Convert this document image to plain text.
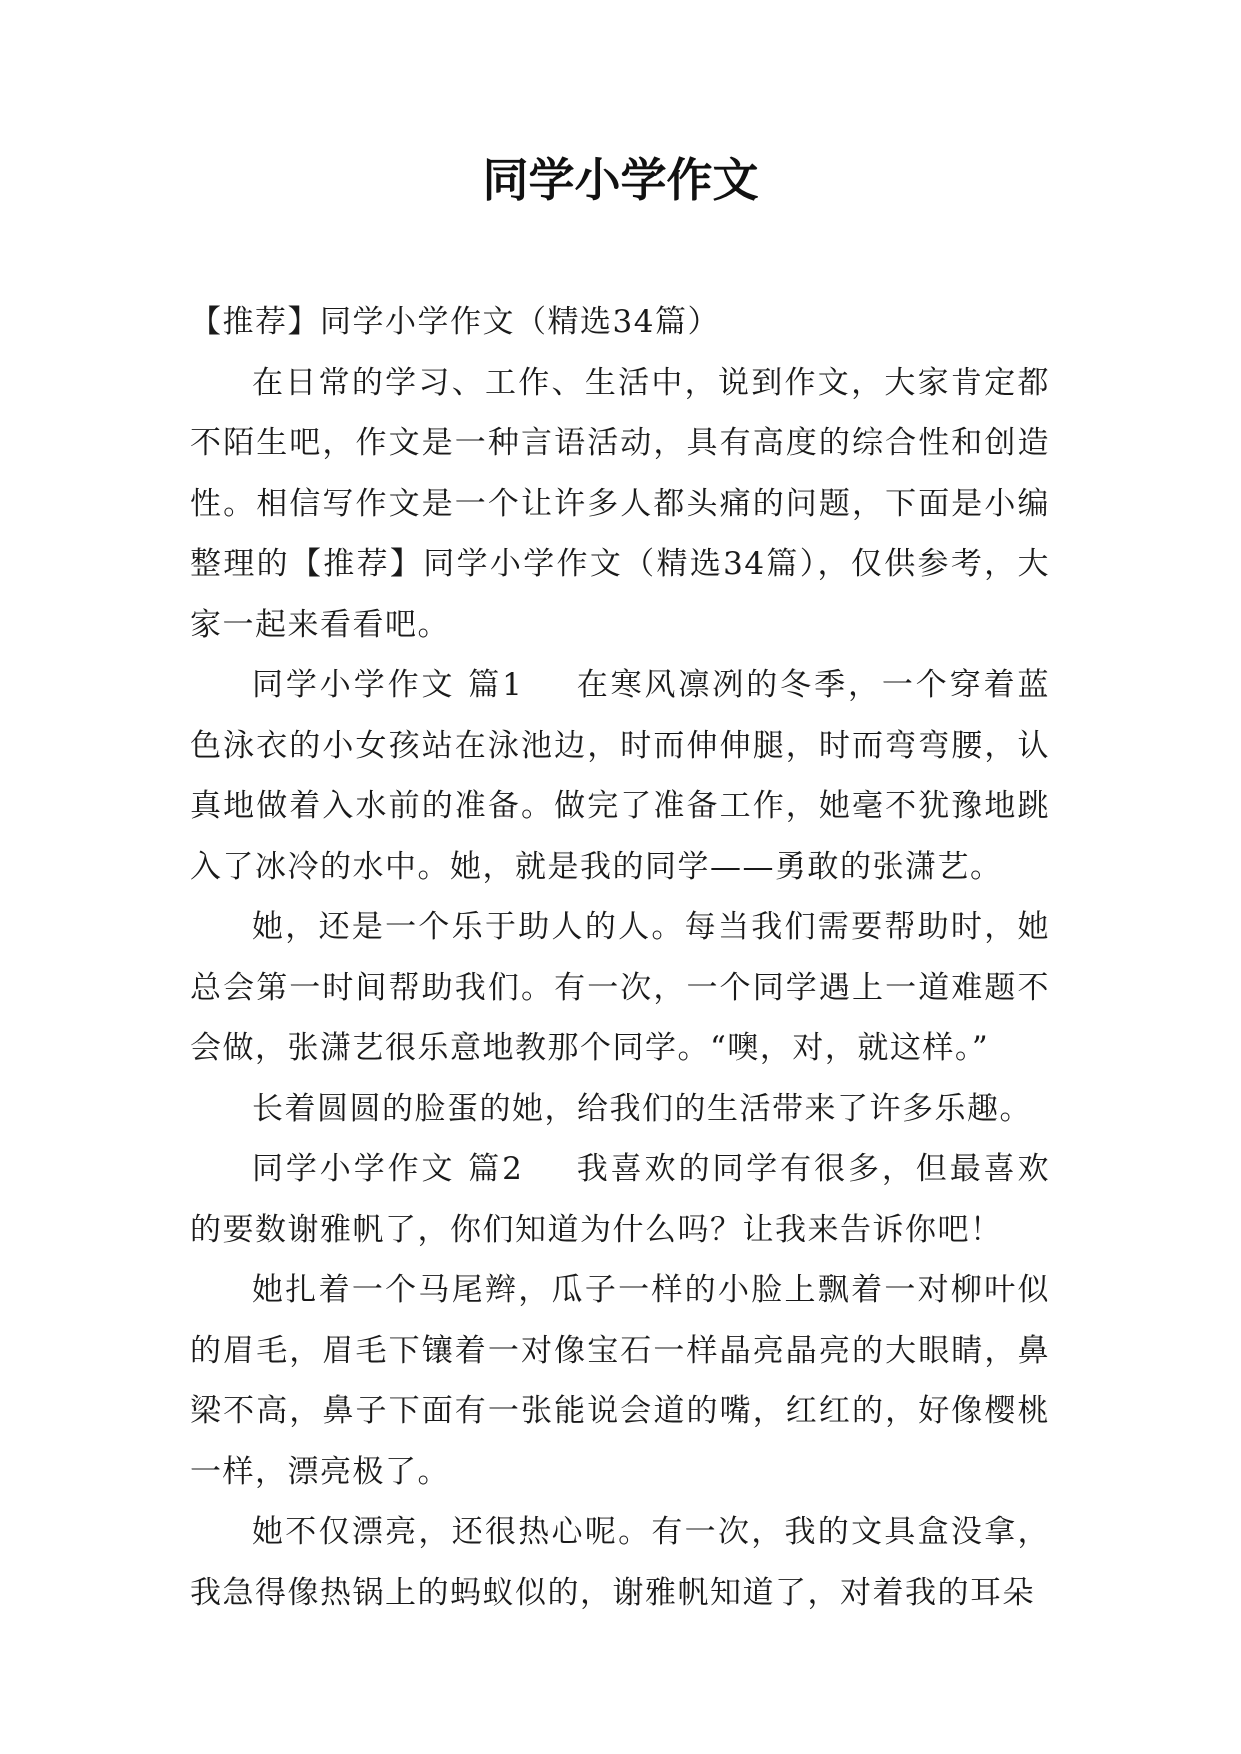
同学小学作文

【推荐】同学小学作文（精选34篇）

在日常的学习、工作、生活中，说到作文，大家肯定都不陌生吧，作文是一种言语活动，具有高度的综合性和创造性。相信写作文是一个让许多人都头痛的问题，下面是小编整理的【推荐】同学小学作文（精选34篇），仅供参考，大家一起来看看吧。

同学小学作文 篇1 在寒风凛冽的冬季，一个穿着蓝色泳衣的小女孩站在泳池边，时而伸伸腿，时而弯弯腰，认真地做着入水前的准备。做完了准备工作，她毫不犹豫地跳入了冰冷的水中。她，就是我的同学——勇敢的张潇艺。

她，还是一个乐于助人的人。每当我们需要帮助时，她总会第一时间帮助我们。有一次，一个同学遇上一道难题不会做，张潇艺很乐意地教那个同学。“噢，对，就这样。”

长着圆圆的脸蛋的她，给我们的生活带来了许多乐趣。

同学小学作文 篇2 我喜欢的同学有很多，但最喜欢的要数谢雅帆了，你们知道为什么吗？让我来告诉你吧！

她扎着一个马尾辫，瓜子一样的小脸上飘着一对柳叶似的眉毛，眉毛下镶着一对像宝石一样晶亮晶亮的大眼睛，鼻梁不高，鼻子下面有一张能说会道的嘴，红红的，好像樱桃一样，漂亮极了。

她不仅漂亮，还很热心呢。有一次，我的文具盒没拿，我急得像热锅上的蚂蚁似的，谢雅帆知道了，对着我的耳朵
